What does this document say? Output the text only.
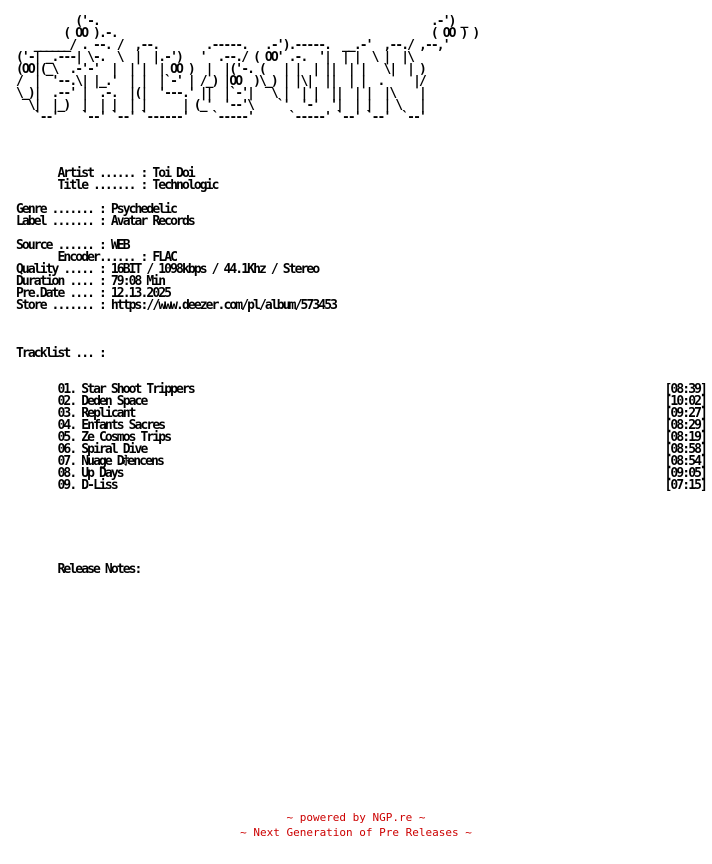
('-.                                                        .-') _
( OO ).-.                                                     ( OO ) )
______/ . --. /  ,--.        .-----.   .-').-----.  __.-'  ,--./ ,--,'
('-| _.---| \-.  \  |  |.-')   '  .--./ ( OO' .-.  '|  | |  \ |  |\
(OO|(_\  .-'-'  |  | |  | OO )  |  |('-. (   | |  | ||  | |   \|  | )
/  |  '--.\| |_.'  | |  |`-' | /_) |OO  )\_) | |\|  ||  | |  .     |/
\_)|  .--' |  .-.  |(|  '---.' ||  |`-'|   \ |  | |  ||  | |  |\    |
\|  |_)  |  | |  | |      | (_'  '--'\    `'  '-'  '|  | |  | \   |
`--'    `--' `--' `------'    `-----'      `-----' `--' `--'  `--'
Artist ...... : Toi Doi
Title ....... : Technologic
Genre ....... : Psychedelic
Label ....... : Avatar Records
Source ...... : WEB
Encoder...... : FLAC
Quality ..... : 16BIT / 1098kbps / 44.1Khz / Stereo
Duration .... : 79:08 Min
Pre.Date .... : 12.13.2025
Store ....... : https://www.deezer.com/pl/album/573453
Tracklist ... :
01. Star Shoot Trippers	[08:39]
02. Deden Space	[10:02]
03. Replicant	[09:27]
04. Enfants Sacres	[08:29]
05. Ze Cosmos Trips	[08:19]
06. Spiral Dive	[08:58]
07. Nuage Dﾎencens	[08:54]
08. Up Days	[09:05]
09. D-Liss	[07:15]
Release Notes:
~ powered by NGP.re ~
~ Next Generation of Pre Releases ~
